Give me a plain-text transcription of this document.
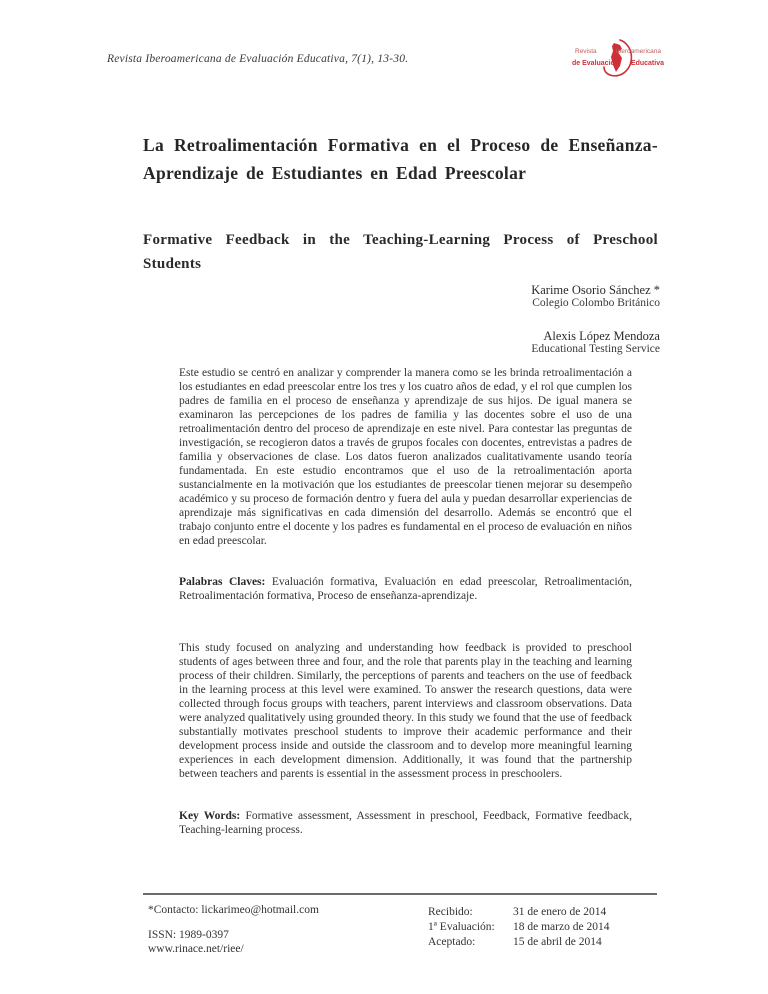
Revista Iberoamericana de Evaluación Educativa, 7(1), 13-30.
Revista	Iberoamericana
de Evaluación Educativa
La Retroalimentación Formativa en el Proceso de Enseñanza-Aprendizaje de Estudiantes en Edad Preescolar
Formative Feedback in the Teaching-Learning Process of Preschool Students
Karime Osorio Sánchez *
Colegio Colombo Británico
Alexis López Mendoza
Educational Testing Service

Este estudio se centró en analizar y comprender la manera como se les brinda retroalimentación a los estudiantes en edad preescolar entre los tres y los cuatro años de edad, y el rol que cumplen los padres de familia en el proceso de enseñanza y aprendizaje de sus hijos. De igual manera se examinaron las percepciones de los padres de familia y las docentes sobre el uso de una retroalimentación dentro del proceso de aprendizaje en este nivel. Para contestar las preguntas de investigación, se recogieron datos a través de grupos focales con docentes, entrevistas a padres de familia y observaciones de clase. Los datos fueron analizados cualitativamente usando teoría fundamentada. En este estudio encontramos que el uso de la retroalimentación aporta sustancialmente en la motivación que los estudiantes de preescolar tienen mejorar su desempeño académico y su proceso de formación dentro y fuera del aula y puedan desarrollar experiencias de aprendizaje más significativas en cada dimensión del desarrollo. Además se encontró que el trabajo conjunto entre el docente y los padres es fundamental en el proceso de evaluación en niños en edad preescolar.

Palabras Claves: Evaluación formativa, Evaluación en edad preescolar, Retroalimentación, Retroalimentación formativa, Proceso de enseñanza-aprendizaje.

This study focused on analyzing and understanding how feedback is provided to preschool students of ages between three and four, and the role that parents play in the teaching and learning process of their children. Similarly, the perceptions of parents and teachers on the use of feedback in the learning process at this level were examined. To answer the research questions, data were collected through focus groups with teachers, parent interviews and classroom observations. Data were analyzed qualitatively using grounded theory. In this study we found that the use of feedback substantially motivates preschool students to improve their academic performance and their development process inside and outside the classroom and to develop more meaningful learning experiences in each development dimension. Additionally, it was found that the partnership between teachers and parents is essential in the assessment process in preschoolers.

Key Words: Formative assessment, Assessment in preschool, Feedback, Formative feedback, Teaching-learning process.

*Contacto: lickarimeo@hotmail.com
ISSN: 1989-0397
www.rinace.net/riee/
Recibido:	31 de enero de 2014
1ª Evaluación:	18 de marzo de 2014
Aceptado:	15 de abril de 2014
